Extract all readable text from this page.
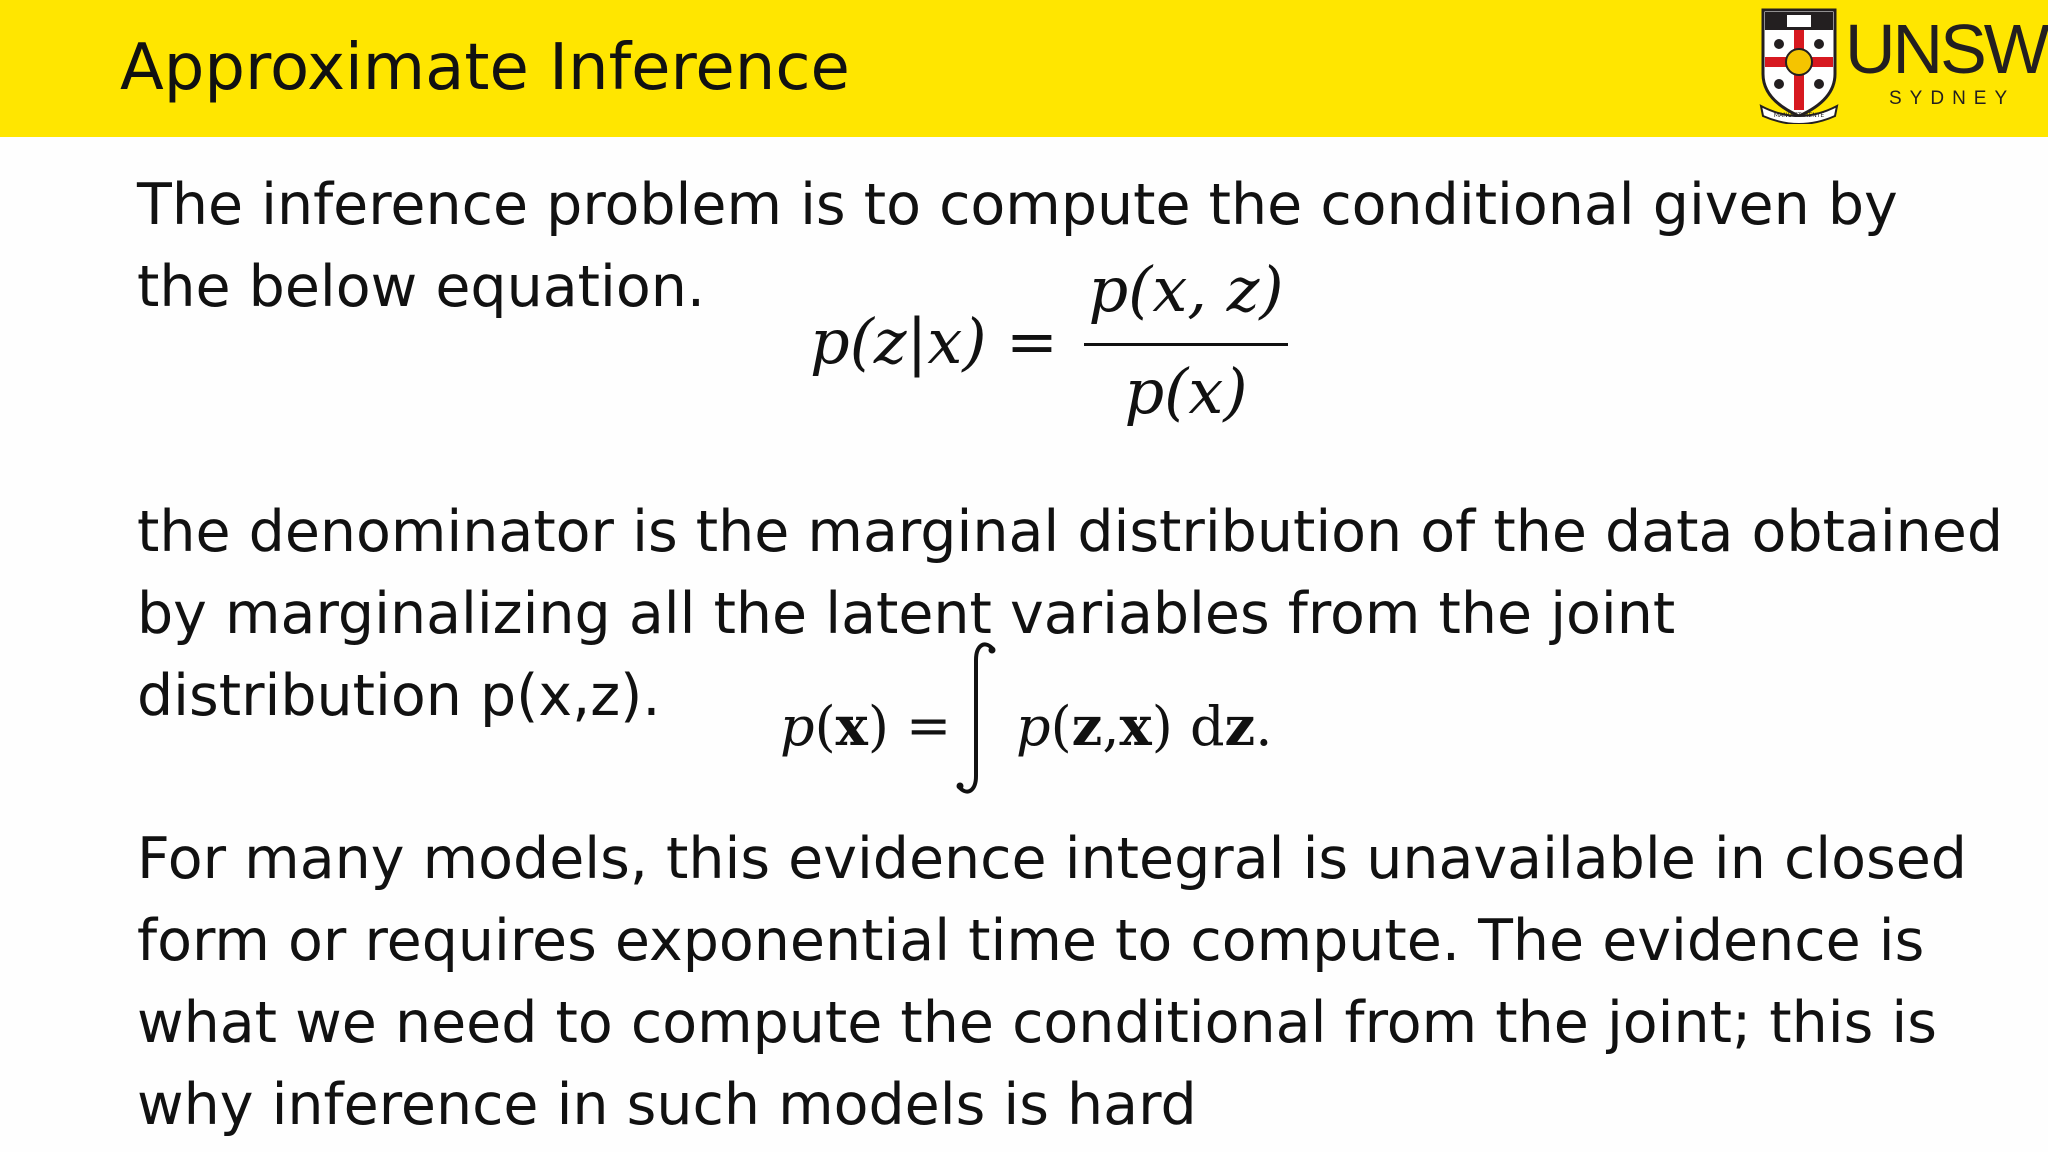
Approximate Inference
MANU ET MENTE
UNSW
SYDNEY

The inference problem is to compute the conditional given by the below equation.

p(z|x) =
p(x, z)
p(x)

the denominator is the marginal distribution of the data obtained by marginalizing all the latent variables from the joint distribution p(x,z).	p(x) = p(z,x) dz.

For many models, this evidence integral is unavailable in closed form or requires exponential time to compute. The evidence is what we need to compute the conditional from the joint; this is why inference in such models is hard
